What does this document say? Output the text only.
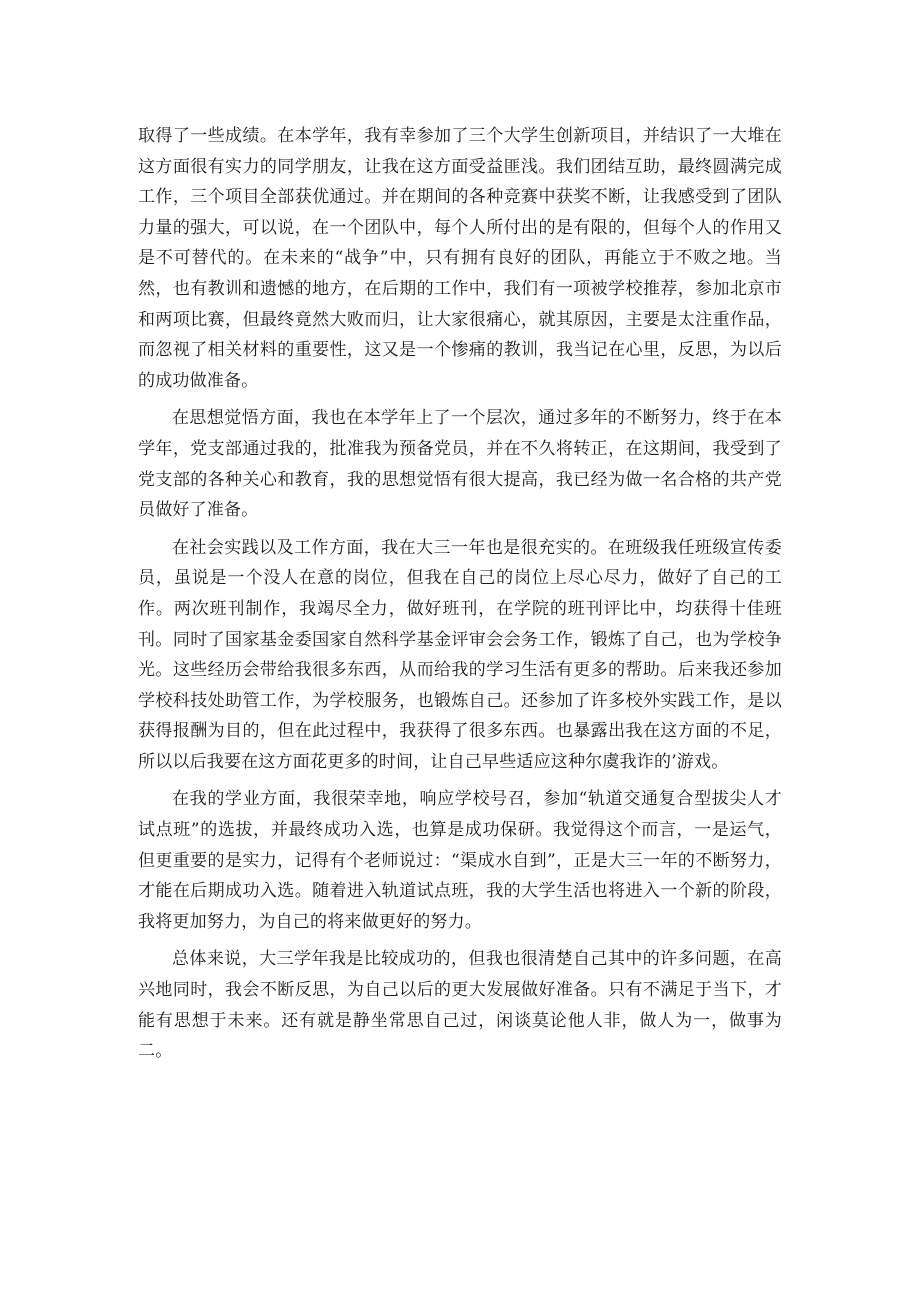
取得了一些成绩。在本学年，我有幸参加了三个大学生创新项目，并结识了一大堆在这方面很有实力的同学朋友，让我在这方面受益匪浅。我们团结互助，最终圆满完成工作，三个项目全部获优通过。并在期间的各种竞赛中获奖不断，让我感受到了团队力量的强大，可以说，在一个团队中，每个人所付出的是有限的，但每个人的作用又是不可替代的。在未来的“战争”中，只有拥有良好的团队，再能立于不败之地。当然，也有教训和遗憾的地方，在后期的工作中，我们有一项被学校推荐，参加北京市和两项比赛，但最终竟然大败而归，让大家很痛心，就其原因，主要是太注重作品，而忽视了相关材料的重要性，这又是一个惨痛的教训，我当记在心里，反思，为以后的成功做准备。

在思想觉悟方面，我也在本学年上了一个层次，通过多年的不断努力，终于在本学年，党支部通过我的，批准我为预备党员，并在不久将转正，在这期间，我受到了党支部的各种关心和教育，我的思想觉悟有很大提高，我已经为做一名合格的共产党员做好了准备。

在社会实践以及工作方面，我在大三一年也是很充实的。在班级我任班级宣传委员，虽说是一个没人在意的岗位，但我在自己的岗位上尽心尽力，做好了自己的工作。两次班刊制作，我竭尽全力，做好班刊，在学院的班刊评比中，均获得十佳班刊。同时了国家基金委国家自然科学基金评审会会务工作，锻炼了自己，也为学校争光。这些经历会带给我很多东西，从而给我的学习生活有更多的帮助。后来我还参加学校科技处助管工作，为学校服务，也锻炼自己。还参加了许多校外实践工作，是以获得报酬为目的，但在此过程中，我获得了很多东西。也暴露出我在这方面的不足，所以以后我要在这方面花更多的时间，让自己早些适应这种尔虞我诈的’游戏。

在我的学业方面，我很荣幸地，响应学校号召，参加“轨道交通复合型拔尖人才试点班”的选拔，并最终成功入选，也算是成功保研。我觉得这个而言，一是运气，但更重要的是实力，记得有个老师说过：“渠成水自到”，正是大三一年的不断努力，才能在后期成功入选。随着进入轨道试点班，我的大学生活也将进入一个新的阶段，我将更加努力，为自己的将来做更好的努力。

总体来说，大三学年我是比较成功的，但我也很清楚自己其中的许多问题，在高兴地同时，我会不断反思，为自己以后的更大发展做好准备。只有不满足于当下，才能有思想于未来。还有就是静坐常思自己过，闲谈莫论他人非，做人为一，做事为二。
